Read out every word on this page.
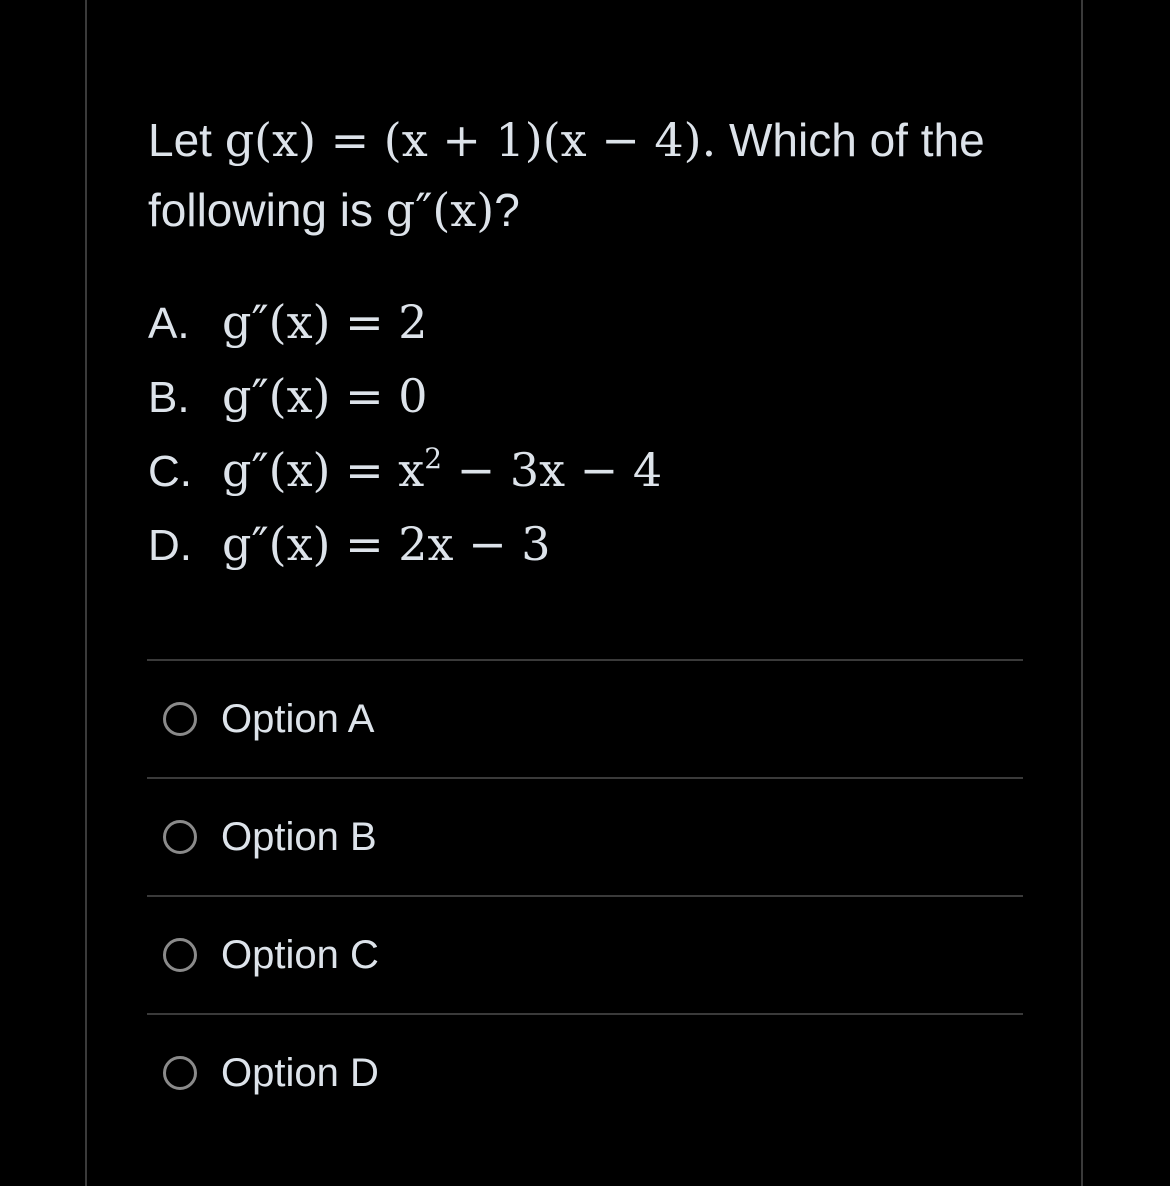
Let g(x) = (x + 1)(x − 4). Which of the following is g″(x)?
A. g″(x) = 2
B. g″(x) = 0
C. $g''(x) = x^2 - 3x - 4$
D. g″(x) = 2x − 3
Option A
Option B
Option C
Option D
